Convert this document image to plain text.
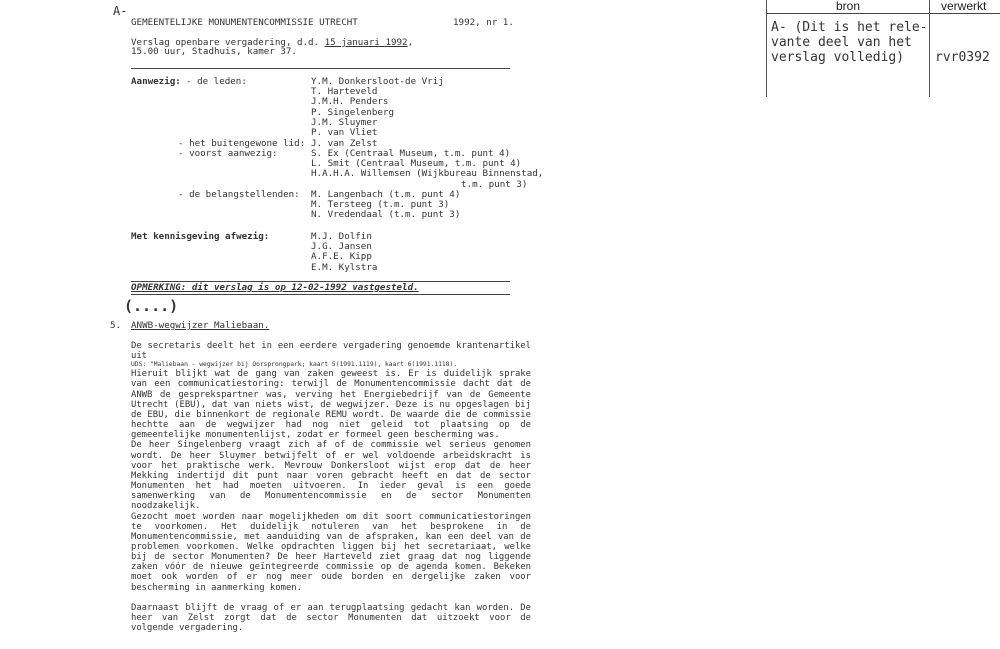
bron	verwerkt
A- (Dit is het rele-
vante deel van het
verslag volledig) rvr0392
A-
GEMEENTELIJKE MONUMENTENCOMMISSIE UTRECHT	1992, nr 1.
Verslag openbare vergadering, d.d. 15 januari 1992,
15.00 uur, Stadhuis, kamer 37.
Aanwezig: - de leden:	Y.M. Donkersloot-de Vrij
T. Harteveld
J.M.H. Penders
P. Singelenberg
J.M. Sluymer
P. van Vliet
- het buitengewone lid: J. van Zelst
- voorst aanwezig:	S. Ex (Centraal Museum, t.m. punt 4)
L. Smit (Centraal Museum, t.m. punt 4)
H.A.H.A. Willemsen (Wijkbureau Binnenstad,
t.m. punt 3)
- de belangstellenden: M. Langenbach (t.m. punt 4)
M. Tersteeg (t.m. punt 3)
N. Vredendaal (t.m. punt 3)
Met kennisgeving afwezig:	M.J. Dolfin
J.G. Jansen
A.F.E. Kipp
E.M. Kylstra
OPMERKING: dit verslag is op 12-02-1992 vastgesteld.
(....)
5. ANWB-wegwijzer Maliebaan.

De secretaris deelt het in een eerdere vergadering genoemde krantenartikel uit

UDS: "Maliebaan - wegwijzer bij Oorsprongpark; kaart 5(1991.1119), kaart 6(1991.1118).

Hieruit blijkt wat de gang van zaken geweest is. Er is duidelijk sprake van een communicatiestoring: terwijl de Monumentencommissie dacht dat de ANWB de gesprekspartner was, verving het Energiebedrijf van de Gemeente Utrecht (EBU), dat van niets wist, de wegwijzer. Deze is nu opgeslagen bij de EBU, die binnenkort de regionale REMU wordt. De waarde die de commissie hechtte aan de wegwijzer had nog niet geleid tot plaatsing op de gemeentelijke monumentenlijst, zodat er formeel geen bescherming was.

De heer Singelenberg vraagt zich af of de commissie wel serieus genomen wordt. De heer Sluymer betwijfelt of er wel voldoende arbeidskracht is voor het praktische werk. Mevrouw Donkersloot wijst erop dat de heer Mekking indertijd dit punt naar voren gebracht heeft en dat de sector Monumenten het had moeten uitvoeren. In ieder geval is een goede samenwerking van de Monumentencommissie en de sector Monumenten noodzakelijk.

Gezocht moet worden naar mogelijkheden om dit soort communicatiestoringen te voorkomen. Het duidelijk notuleren van het besprokene in de Monumentencommissie, met aanduiding van de afspraken, kan een deel van de problemen voorkomen. Welke opdrachten liggen bij het secretariaat, welke bij de sector Monumenten? De heer Harteveld ziet graag dat nog liggende zaken vóór de nieuwe geïntegreerde commissie op de agenda komen. Bekeken moet ook worden of er nog meer oude borden en dergelijke zaken voor bescherming in aanmerking komen.

Daarnaast blijft de vraag of er aan terugplaatsing gedacht kan worden. De heer van Zelst zorgt dat de sector Monumenten dat uitzoekt voor de volgende vergadering.
